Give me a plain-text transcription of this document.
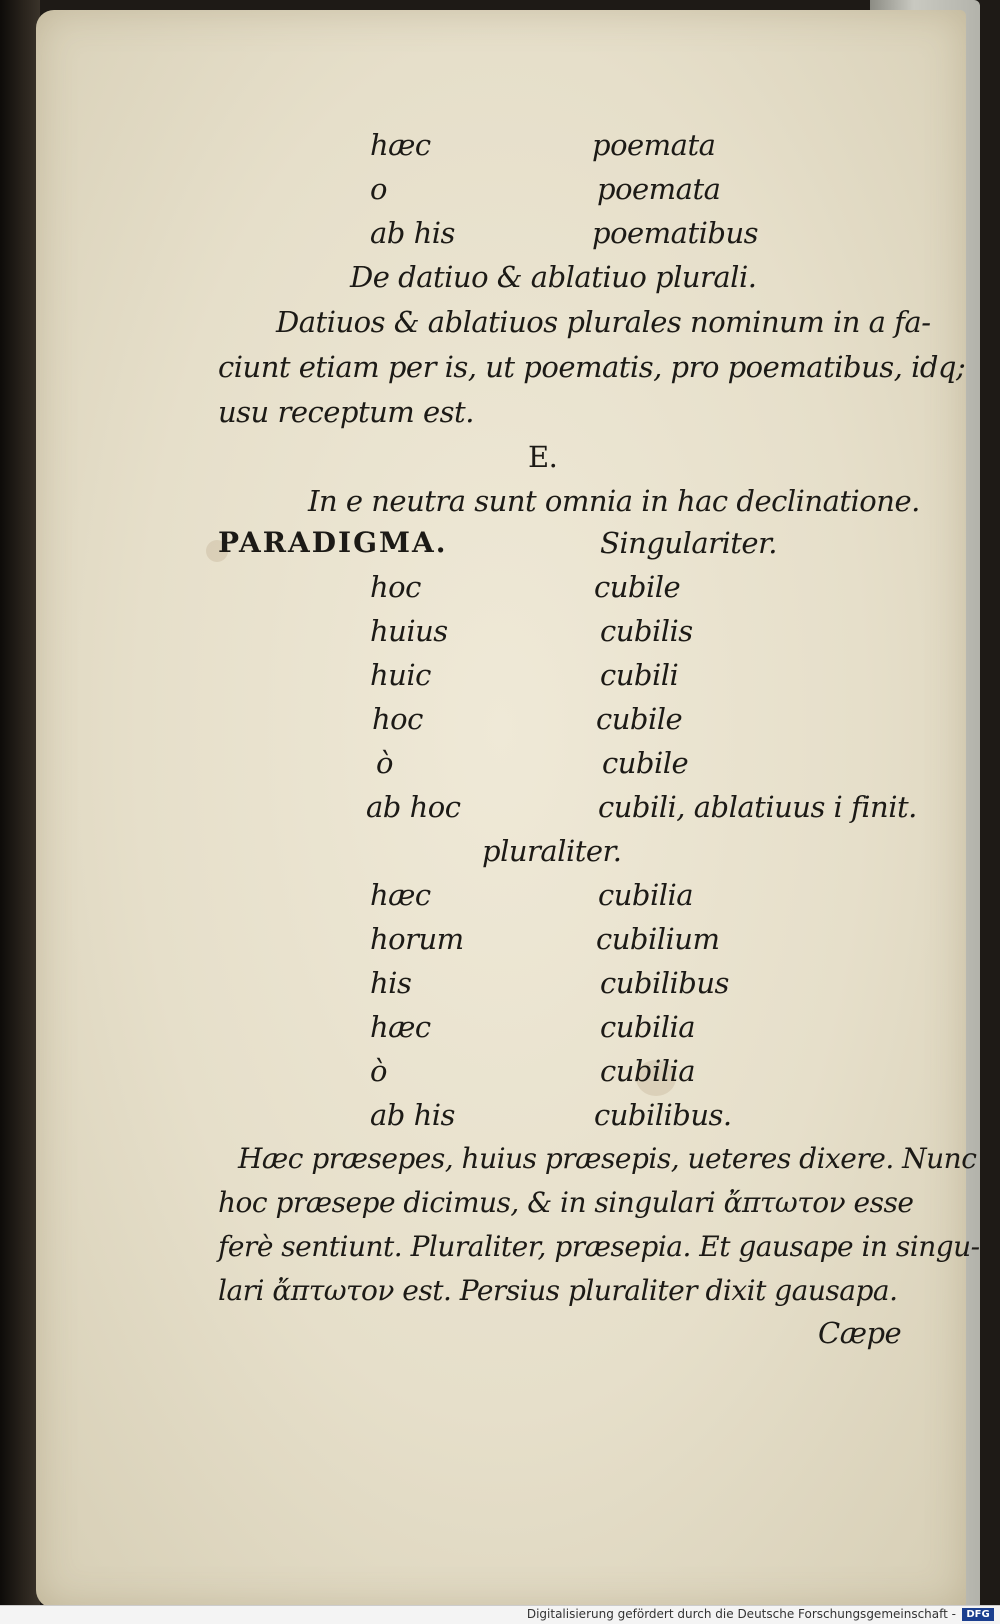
hæc	poemata
o	poemata
ab his	poematibus
De datiuo & ablatiuo plurali.
Datiuos & ablatiuos plurales nominum in a fa-
ciunt etiam per is, ut poematis, pro poematibus, idq;
usu receptum est.
E.
In e neutra sunt omnia in hac declinatione.
PARADIGMA.	Singulariter.
hoc	cubile
huius	cubilis
huic	cubili
hoc	cubile
ò	cubile
ab hoc	cubili, ablatiuus i finit.
pluraliter.
hæc	cubilia
horum	cubilium
his	cubilibus
hæc	cubilia
ò	cubilia
ab his	cubilibus.
Hæc præsepes, huius præsepis, ueteres dixere. Nunc
hoc præsepe dicimus, & in singulari ἄπτωτον esse
ferè sentiunt. Pluraliter, præsepia. Et gausape in singu-
lari ἄπτωτον est. Persius pluraliter dixit gausapa.
Cæpe
Digitalisierung gefördert durch die Deutsche Forschungsgemeinschaft -	DFG
